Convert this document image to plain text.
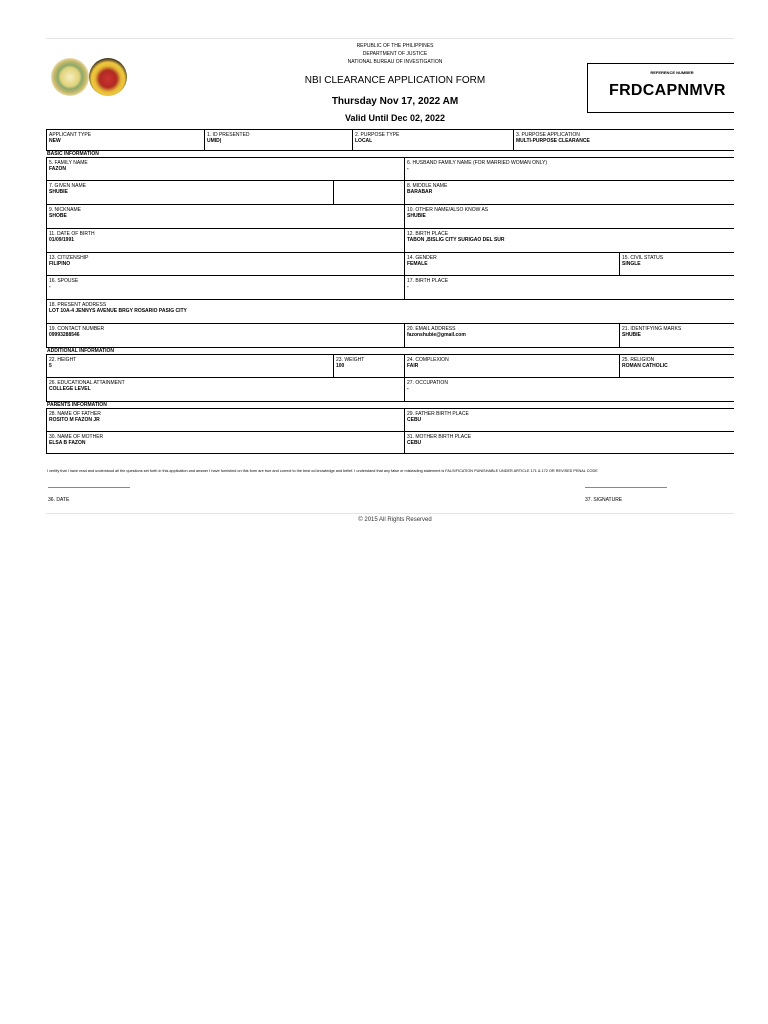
REPUBLIC OF THE PHILIPPINES
DEPARTMENT OF JUSTICE
NATIONAL BUREAU OF INVESTIGATION
NBI CLEARANCE APPLICATION FORM
Thursday Nov 17, 2022 AM
Valid Until Dec 02, 2022
REFERENCE NUMBER
FRDCAPNMVR
APPLICANT TYPE
NEW
1. ID PRESENTED
UMID|
2. PURPOSE TYPE
LOCAL
3. PURPOSE APPLICATION
MULTI-PURPOSE CLEARANCE
BASIC INFORMATION
5. FAMILY NAME
FAZON
6. HUSBAND FAMILY NAME (FOR MARRIED WOMAN ONLY)
-
7. GIVEN NAME
SHUBIE
8. MIDDLE NAME
BARABAR
9. NICKNAME
SHOBE
10. OTHER NAME/ALSO KNOW AS
SHUBIE
11. DATE OF BIRTH
01/09/1991
12. BIRTH PLACE
TABON ,BISLIG CITY SURIGAO DEL SUR
13. CITIZENSHIP
FILIPINO
14. GENDER
FEMALE
15. CIVIL STATUS
SINGLE
16. SPOUSE
-
17. BIRTH PLACE
-
18. PRESENT ADDRESS
LOT 10A-4 JENNYS AVENUE BRGY ROSARIO PASIG CITY
19. CONTACT NUMBER
09993288546
20. EMAIL ADDRESS
fazonshubie@gmail.com
21. IDENTIFYING MARKS
SHUBIE
ADDITIONAL INFORMATION
22. HEIGHT
5
23. WEIGHT
100
24. COMPLEXION
FAIR
25. RELIGION
ROMAN CATHOLIC
26. EDUCATIONAL ATTAINMENT
COLLEGE LEVEL
27. OCCUPATION
-
PARENTS INFORMATION
28. NAME OF FATHER
ROSITO M FAZON JR
29. FATHER BIRTH PLACE
CEBU
30. NAME OF MOTHER
ELSA B FAZON
31. MOTHER BIRTH PLACE
CEBU
I certify that I have read and understood all the questions set forth in this application and answer I have furnished on this form are true and correct to the best od knowledge and belief. I understand that any false or misleading statement is FALSIFICATION PUNISHABLE UNDER ARTICLE 171 & 172 OR REVISED PENAL CODE
36. DATE	37. SIGNATURE
© 2015 All Rights Reserved
